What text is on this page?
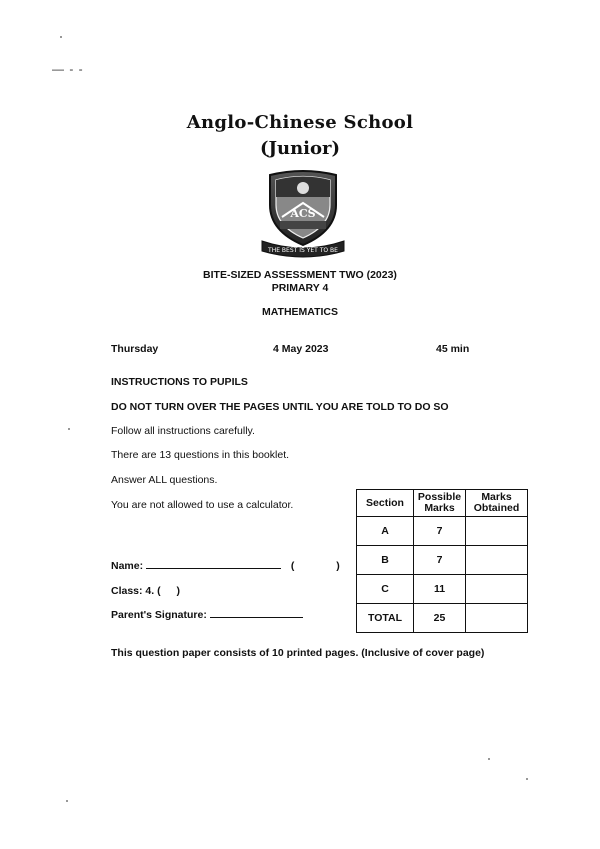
— - -
Anglo-Chinese School
(Junior)
THE BEST IS YET TO BE
ACS
BITE-SIZED ASSESSMENT TWO (2023)
PRIMARY 4
MATHEMATICS
Thursday	4 May 2023	45 min
INSTRUCTIONS TO PUPILS
DO NOT TURN OVER THE PAGES UNTIL YOU ARE TOLD TO DO SO
Follow all instructions carefully.
There are 13 questions in this booklet.
Answer ALL questions.
You are not allowed to use a calculator.
Name:	(	)
Class: 4. ( )
Parent's Signature:
Section	Possible Marks	Marks Obtained
A	7	
B	7	
C	11	
TOTAL	25	
This question paper consists of 10 printed pages. (Inclusive of cover page)
